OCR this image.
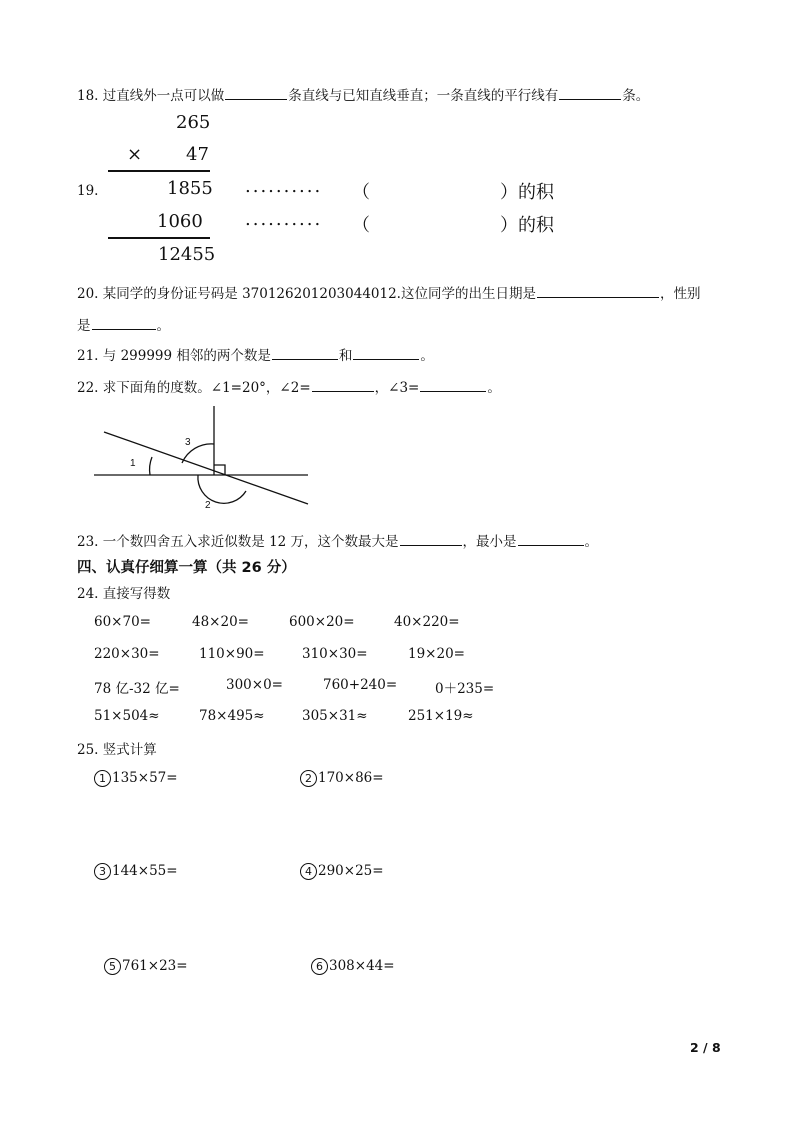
18. 过直线外一点可以做	条直线与已知直线垂直；一条直线的平行线有	条。
265
× 47
19.	1855 .......... （	）的积
1060 .......... （	）的积
12455
20. 某同学的身份证号码是 370126201203044012.这位同学的出生日期是	，性别
是	。
21. 与 299999 相邻的两个数是	和	。
22. 求下面角的度数。∠1=20°，∠2=	，∠3=	。
1
3
2
23. 一个数四舍五入求近似数是 12 万，这个数最大是	，最小是	。
四、认真仔细算一算（共 26 分）
24. 直接写得数
60×70=	48×20=	600×20=	40×220=
220×30=	110×90=	310×30=	19×20=
78 亿-32 亿=	300×0=	760+240=	0＋235=
51×504≈	78×495≈	305×31≈	251×19≈
25. 竖式计算
1 135×57=	2 170×86=
3 144×55=	4 290×25=
5 761×23=	6 308×44=
2 / 8
